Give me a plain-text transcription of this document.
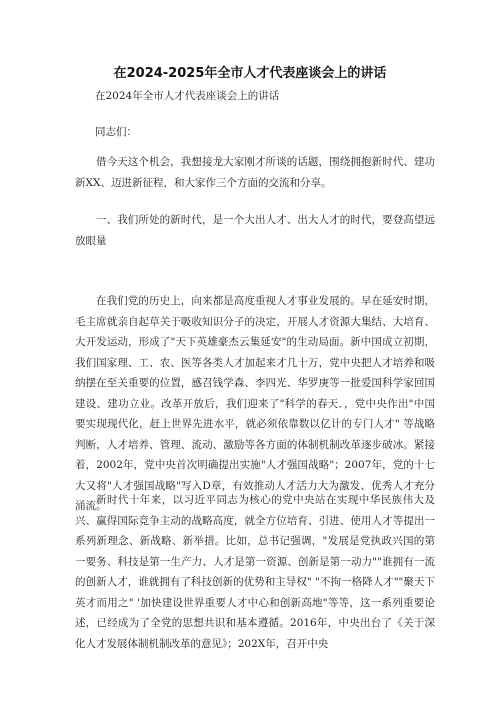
在2024-2025年全市人才代表座谈会上的讲话

在2024年全市人才代表座谈会上的讲话

同志们：

借今天这个机会，我想接龙大家刚才所谈的话题，围绕拥抱新时代、建功新XX、迈进新征程，和大家作三个方面的交流和分享。

一、我们所处的新时代，是一个大出人才、出大人才的时代，要登高望远放眼量

在我们党的历史上，向来都是高度重视人才事业发展的。早在延安时期，毛主席就亲自起草关于吸收知识分子的决定，开展人才资源大集结、大培育、大开发运动，形成了"天下英雄豪杰云集延安"的生动局面。新中国成立初期，我们国家理、工、农、医等各类人才加起来才几十万，党中央把人才培养和吸纳摆在至关重要的位置，感召钱学森、李四光、华罗庚等一批爱国科学家回国建设、建功立业。改革开放后，我们迎来了"科学的春天．，党中央作出"中国要实现现代化，赶上世界先进水平，就必须依靠数以亿计的专门人才" 等战略判断，人才培养、管理、流动、激励等各方面的体制机制改革逐步破冰。紧接着，2002年，党中央首次明确提出实施"人才强国战略"；2007年，党的十七大又将"人才强国战略"写入D章，有效推动人才活力大为激发、优秀人才充分涌流。

新时代十年来，以习近平同志为核心的党中央站在实现中华民族伟大及兴、赢得国际竞争主动的战略高度，就全方位培育、引进、使用人才等提出一系列新理念、新战略、新举措。比如，总书记强调，"发展是党执政兴国的第一要务、科技是第一生产力、人才是第一资源、创新是第一动力""谁拥有一流的创新人才，谁就拥有了科技创新的优势和主导权" "不拘一格降人才""聚天下英才而用之" '加快建设世界重要人才中心和创新高地"等等，这一系列重要论述，已经成为了全党的思想共识和基本遵循。2016年，中央出台了《关于深化人才发展体制机制改革的意见》；202X年，召开中央
